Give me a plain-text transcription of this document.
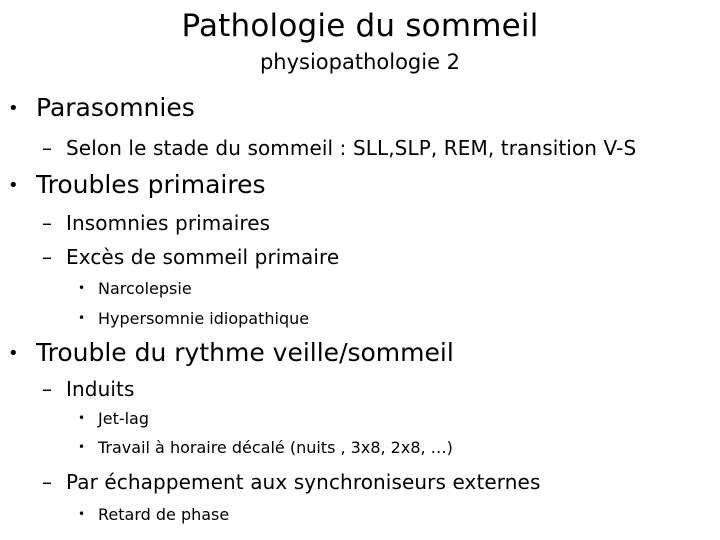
Pathologie du sommeil
physiopathologie 2
• Parasomnies
– Selon le stade du sommeil : SLL,SLP, REM, transition V-S
• Troubles primaires
– Insomnies primaires
– Excès de sommeil primaire
• Narcolepsie
• Hypersomnie idiopathique
• Trouble du rythme veille/sommeil
– Induits
• Jet-lag
• Travail à horaire décalé (nuits , 3x8, 2x8, …)
– Par échappement aux synchroniseurs externes
• Retard de phase
